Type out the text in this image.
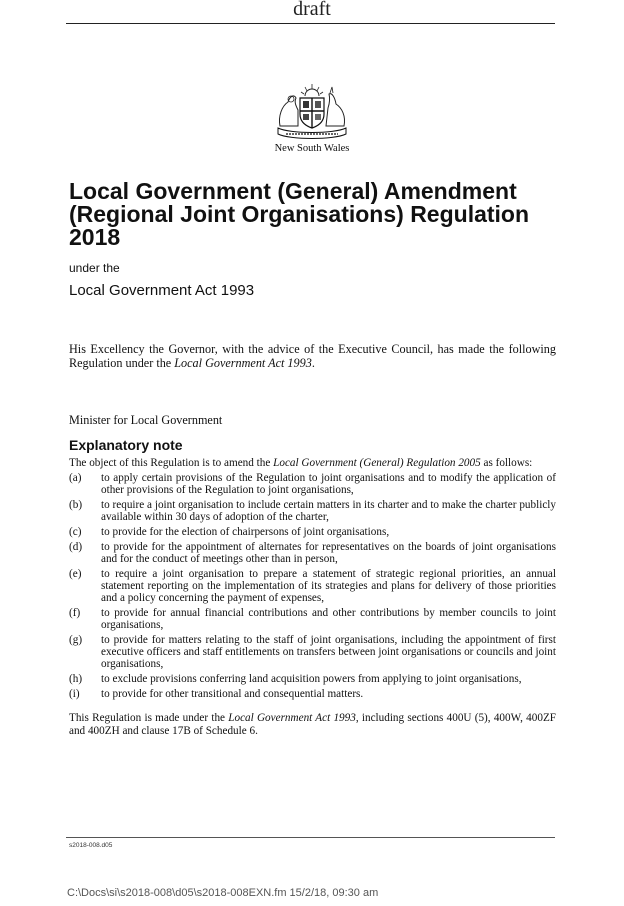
draft
New South Wales
Local Government (General) Amendment (Regional Joint Organisations) Regulation 2018
under the
Local Government Act 1993
His Excellency the Governor, with the advice of the Executive Council, has made the following Regulation under the Local Government Act 1993.
Minister for Local Government
Explanatory note
The object of this Regulation is to amend the Local Government (General) Regulation 2005 as follows:
(a)	to apply certain provisions of the Regulation to joint organisations and to modify the application of other provisions of the Regulation to joint organisations,
(b)	to require a joint organisation to include certain matters in its charter and to make the charter publicly available within 30 days of adoption of the charter,
(c)	to provide for the election of chairpersons of joint organisations,
(d)	to provide for the appointment of alternates for representatives on the boards of joint organisations and for the conduct of meetings other than in person,
(e)	to require a joint organisation to prepare a statement of strategic regional priorities, an annual statement reporting on the implementation of its strategies and plans for delivery of those priorities and a policy concerning the payment of expenses,
(f)	to provide for annual financial contributions and other contributions by member councils to joint organisations,
(g)	to provide for matters relating to the staff of joint organisations, including the appointment of first executive officers and staff entitlements on transfers between joint organisations or councils and joint organisations,
(h)	to exclude provisions conferring land acquisition powers from applying to joint organisations,
(i)	to provide for other transitional and consequential matters.
This Regulation is made under the Local Government Act 1993, including sections 400U (5), 400W, 400ZF and 400ZH and clause 17B of Schedule 6.
s2018-008.d05
C:\Docs\si\s2018-008\d05\s2018-008EXN.fm 15/2/18, 09:30 am
